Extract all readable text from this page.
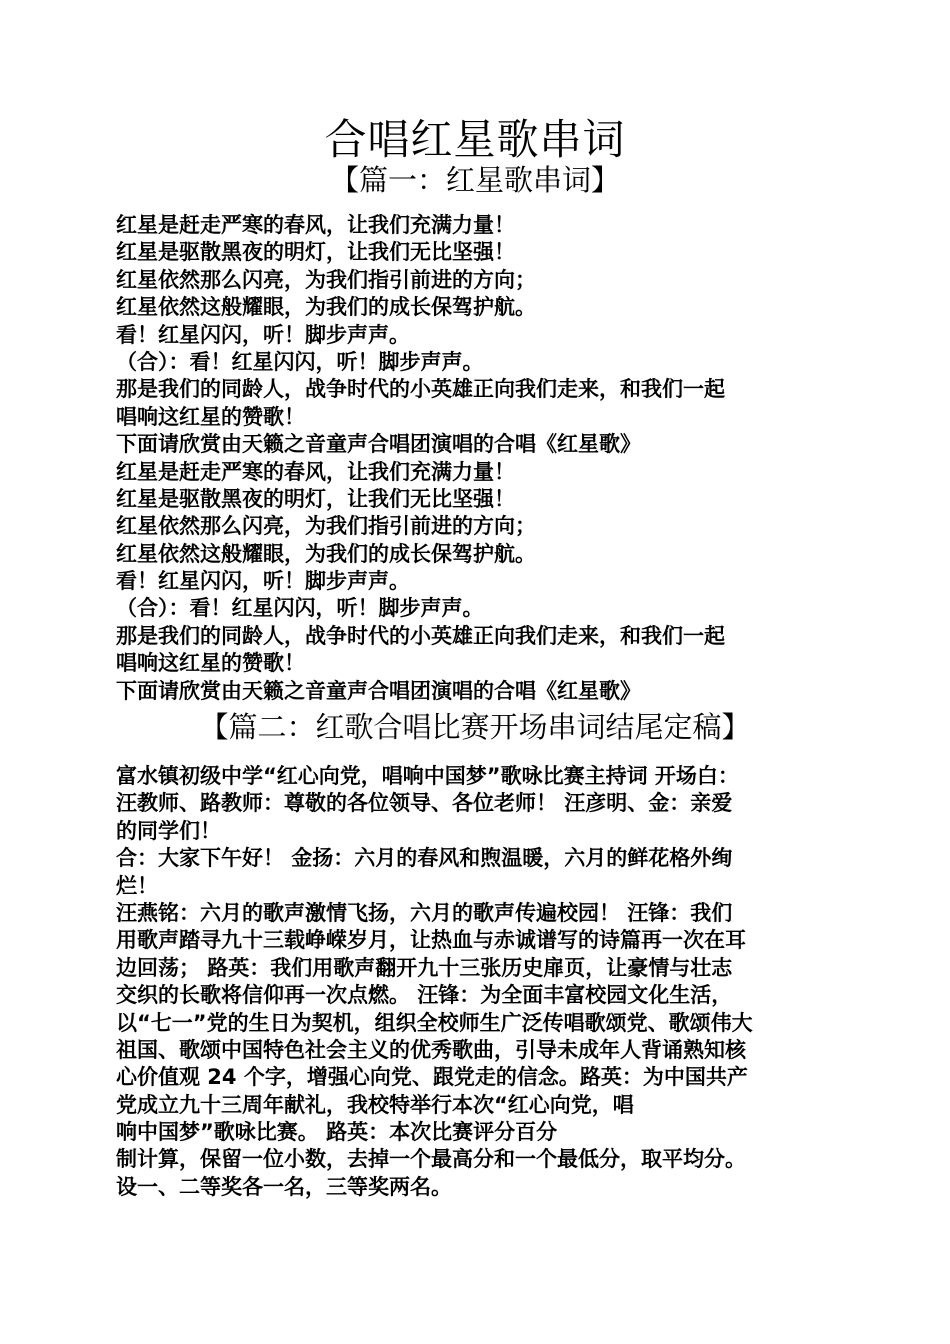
合唱红星歌串词
【篇一：红星歌串词】
红星是赶走严寒的春风，让我们充满力量！
红星是驱散黑夜的明灯，让我们无比坚强！
红星依然那么闪亮，为我们指引前进的方向；
红星依然这般耀眼，为我们的成长保驾护航。
看！红星闪闪，听！脚步声声。
（合）：看！红星闪闪，听！脚步声声。
那是我们的同龄人，战争时代的小英雄正向我们走来，和我们一起
唱响这红星的赞歌！
下面请欣赏由天籁之音童声合唱团演唱的合唱《红星歌》
红星是赶走严寒的春风，让我们充满力量！
红星是驱散黑夜的明灯，让我们无比坚强！
红星依然那么闪亮，为我们指引前进的方向；
红星依然这般耀眼，为我们的成长保驾护航。
看！红星闪闪，听！脚步声声。
（合）：看！红星闪闪，听！脚步声声。
那是我们的同龄人，战争时代的小英雄正向我们走来，和我们一起
唱响这红星的赞歌！
下面请欣赏由天籁之音童声合唱团演唱的合唱《红星歌》
【篇二：红歌合唱比赛开场串词结尾定稿】
富水镇初级中学“红心向党，唱响中国梦”歌咏比赛主持词 开场白：
汪教师、路教师：尊敬的各位领导、各位老师！ 汪彦明、金：亲爱
的同学们！
合：大家下午好！ 金扬：六月的春风和煦温暖，六月的鲜花格外绚
烂！
汪燕铭：六月的歌声激情飞扬，六月的歌声传遍校园！ 汪锋：我们
用歌声踏寻九十三载峥嵘岁月，让热血与赤诚谱写的诗篇再一次在耳
边回荡； 路英：我们用歌声翻开九十三张历史扉页，让豪情与壮志
交织的长歌将信仰再一次点燃。 汪锋：为全面丰富校园文化生活，
以“七一”党的生日为契机，组织全校师生广泛传唱歌颂党、歌颂伟大
祖国、歌颂中国特色社会主义的优秀歌曲，引导未成年人背诵熟知核
心价值观 24 个字，增强心向党、跟党走的信念。路英：为中国共产
党成立九十三周年献礼，我校特举行本次“红心向党，唱
响中国梦”歌咏比赛。 路英：本次比赛评分百分
制计算，保留一位小数，去掉一个最高分和一个最低分，取平均分。
设一、二等奖各一名，三等奖两名。
